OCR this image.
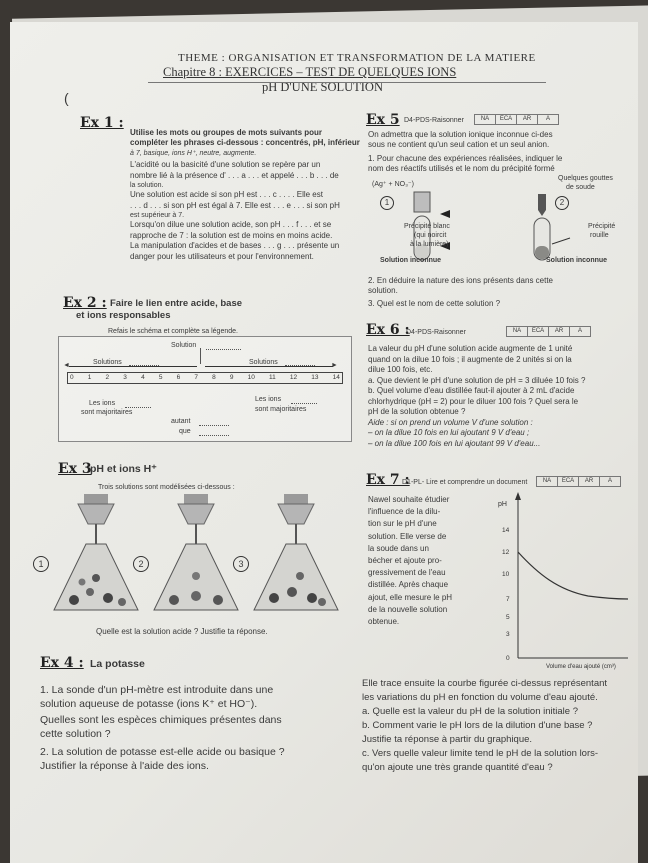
THEME : ORGANISATION ET TRANSFORMATION DE LA MATIERE
Chapitre 8 : EXERCICES – TEST DE QUELQUES IONS
pH D'UNE SOLUTION
(
Ex 1 :
Utilise les mots ou groupes de mots suivants pour
compléter les phrases ci-dessous : concentrés, pH, inférieur
à 7, basique, ions H⁺, neutre, augmente.
L'acidité ou la basicité d'une solution se repère par un
nombre lié à la présence d' . . . a . . . et appelé . . . b . . . de
la solution.
Une solution est acide si son pH est . . . c . . . . Elle est
. . . d . . . si son pH est égal à 7. Elle est . . . e . . . si son pH
est supérieur à 7.
Lorsqu'on dilue une solution acide, son pH . . . f . . . et se
rapproche de 7 : la solution est de moins en moins acide.
La manipulation d'acides et de bases . . . g . . . présente un
danger pour les utilisateurs et pour l'environnement.
Ex 2 : Faire le lien entre acide, base
et ions responsables
Refais le schéma et complète sa légende.
Solution
Solutions
◄	Solutions	►
0 1 2 3 4 5 6 7 8 9 10 11 12 13 14
Les ions
sont majoritaires
Les ions
sont majoritaires
autant
que
Ex 3
pH et ions H⁺
Trois solutions sont modélisées ci-dessous :
1	2	3
Quelle est la solution acide ? Justifie ta réponse.
Ex 4 : La potasse
1. La sonde d'un pH-mètre est introduite dans une
solution aqueuse de potasse (ions K⁺ et HO⁻).
Quelles sont les espèces chimiques présentes dans
cette solution ?
2. La solution de potasse est-elle acide ou basique ?
Justifier la réponse à l'aide des ions.
Ex 5 D4-PDS-Raisonner	NA	ECA	AR	A
On admettra que la solution ionique inconnue ci-des
sous ne contient qu'un seul cation et un seul anion.
1. Pour chacune des expériences réalisées, indiquer le
nom des réactifs utilisés et le nom du précipité formé
(Ag⁺ + NO₃⁻)
Quelques gouttes
de soude
1	2
Précipité blanc
(qui noircit
à la lumière)
Précipité
rouille
Solution inconnue	Solution inconnue
2. En déduire la nature des ions présents dans cette
solution.
3. Quel est le nom de cette solution ?
Ex 6 :
D4-PDS-Raisonner	NA	ECA	AR	A
La valeur du pH d'une solution acide augmente de 1 unité
quand on la dilue 10 fois ; il augmente de 2 unités si on la
dilue 100 fois, etc.
a. Que devient le pH d'une solution de pH = 3 diluée 10 fois ?
b. Quel volume d'eau distillée faut-il ajouter à 2 mL d'acide
chlorhydrique (pH = 2) pour le diluer 100 fois ? Quel sera le
pH de la solution obtenue ?
Aide : si on prend un volume V d'une solution :
– on la dilue 10 fois en lui ajoutant 9 V d'eau ;
– on la dilue 100 fois en lui ajoutant 99 V d'eau...
Ex 7 :
D1-PL- Lire et comprendre un document	NA	ECA	AR	A
Nawel souhaite étudier
l'influence de la dilu-
tion sur le pH d'une
solution. Elle verse de
la soude dans un
bécher et ajoute pro-
gressivement de l'eau
distillée. Après chaque
ajout, elle mesure le pH
de la nouvelle solution
obtenue.
pH
14
12
10
7
5
3
0
Volume d'eau ajouté (cm³)
Elle trace ensuite la courbe figurée ci-dessus représentant
les variations du pH en fonction du volume d'eau ajouté.
a. Quelle est la valeur du pH de la solution initiale ?
b. Comment varie le pH lors de la dilution d'une base ?
Justifie ta réponse à partir du graphique.
c. Vers quelle valeur limite tend le pH de la solution lors-
qu'on ajoute une très grande quantité d'eau ?
